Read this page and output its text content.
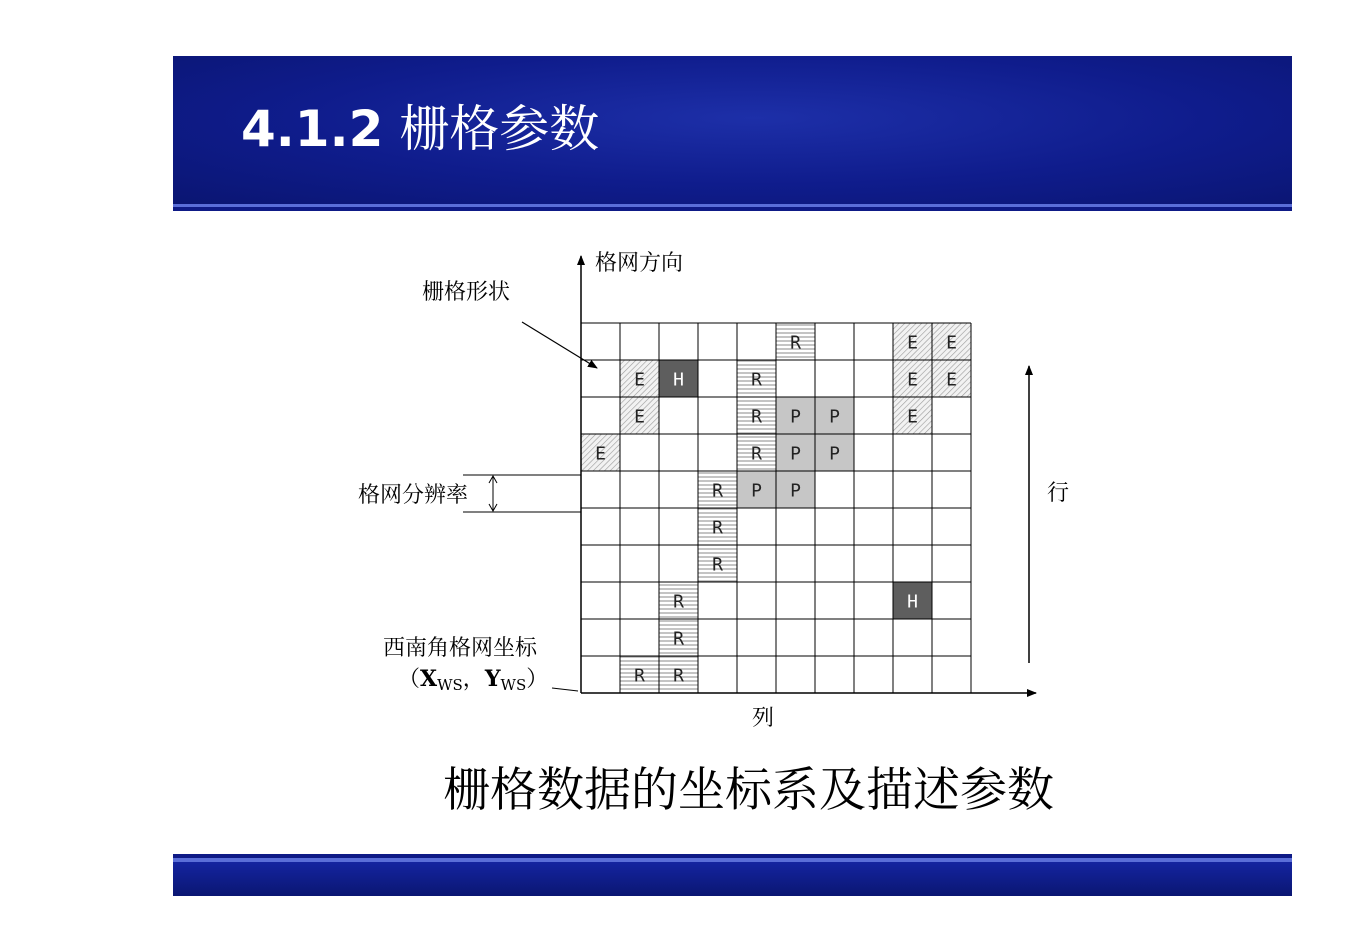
4.1.2 栅格参数
R	E E
E H	R	E E
E	R P P	E
E	R P P
R P P
R
R
R	H
R
R R
格网方向
栅格形状
格网分辨率	行
列
西南角格网坐标
（$X_{WS}$，$Y_{WS}$）
栅格数据的坐标系及描述参数
